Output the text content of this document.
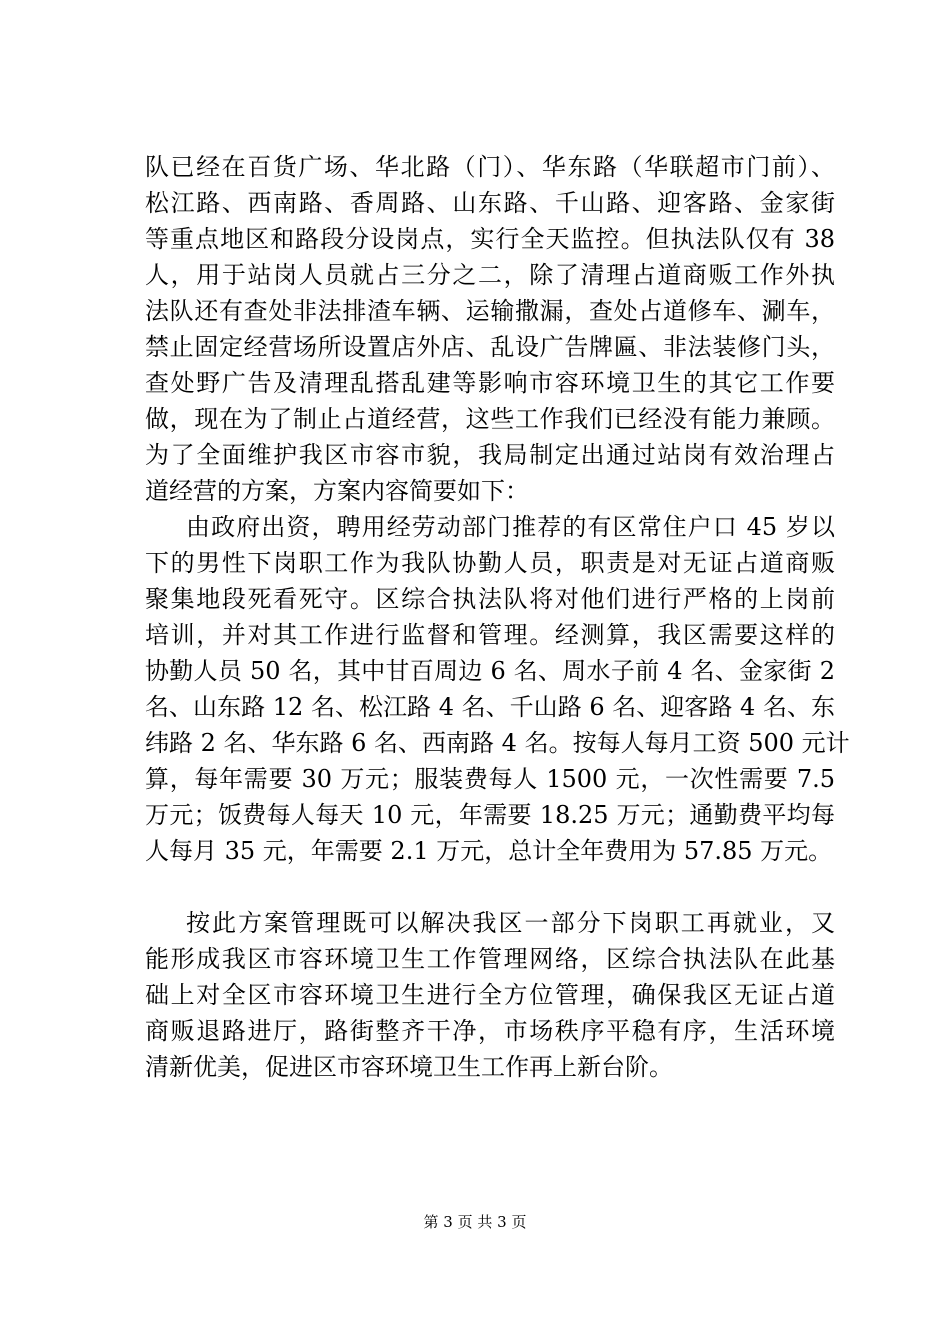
队已经在百货广场、华北路（门）、华东路（华联超市门前）、
松江路、西南路、香周路、山东路、千山路、迎客路、金家街
等重点地区和路段分设岗点，实行全天监控。但执法队仅有 38
人，用于站岗人员就占三分之二，除了清理占道商贩工作外执
法队还有查处非法排渣车辆、运输撒漏，查处占道修车、涮车，
禁止固定经营场所设置店外店、乱设广告牌匾、非法装修门头，
查处野广告及清理乱搭乱建等影响市容环境卫生的其它工作要
做，现在为了制止占道经营，这些工作我们已经没有能力兼顾。
为了全面维护我区市容市貌，我局制定出通过站岗有效治理占
道经营的方案，方案内容简要如下：
由政府出资，聘用经劳动部门推荐的有区常住户口 45 岁以
下的男性下岗职工作为我队协勤人员，职责是对无证占道商贩
聚集地段死看死守。区综合执法队将对他们进行严格的上岗前
培训，并对其工作进行监督和管理。经测算，我区需要这样的
协勤人员 50 名，其中甘百周边 6 名、周水子前 4 名、金家街 2
名、山东路 12 名、松江路 4 名、千山路 6 名、迎客路 4 名、东
纬路 2 名、华东路 6 名、西南路 4 名。按每人每月工资 500 元计
算，每年需要 30 万元；服装费每人 1500 元，一次性需要 7.5
万元；饭费每人每天 10 元，年需要 18.25 万元；通勤费平均每
人每月 35 元，年需要 2.1 万元，总计全年费用为 57.85 万元。
按此方案管理既可以解决我区一部分下岗职工再就业，又
能形成我区市容环境卫生工作管理网络，区综合执法队在此基
础上对全区市容环境卫生进行全方位管理，确保我区无证占道
商贩退路进厅，路街整齐干净，市场秩序平稳有序，生活环境
清新优美，促进区市容环境卫生工作再上新台阶。
第 3 页 共 3 页
